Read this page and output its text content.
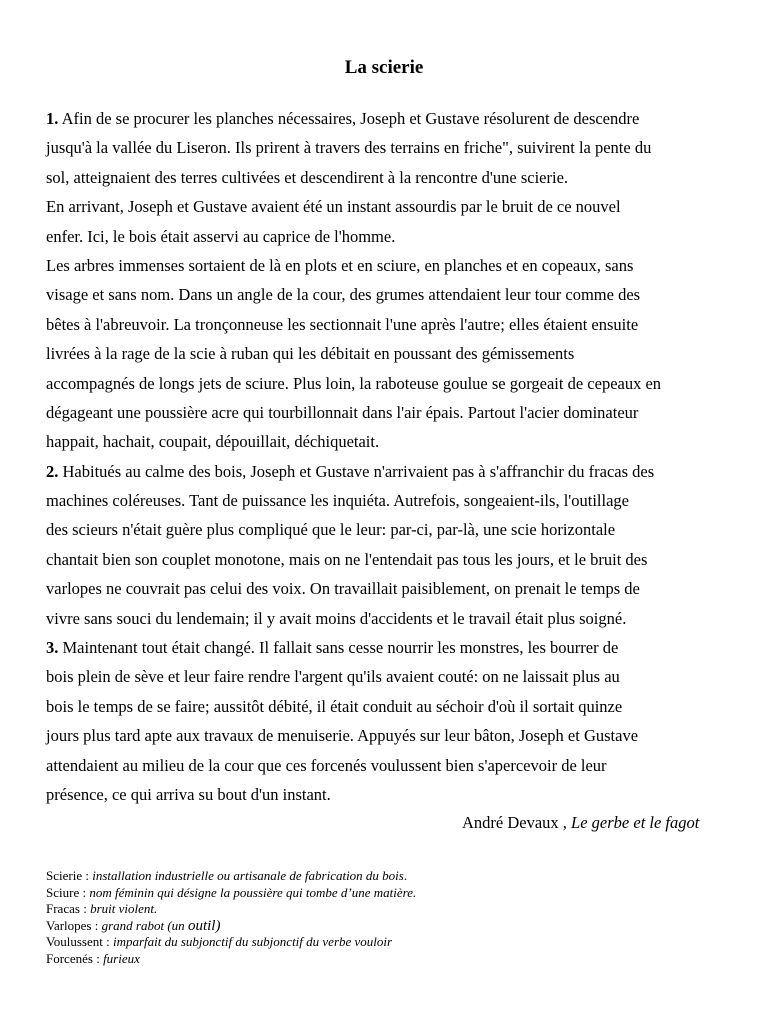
La scierie
1. Afin de se procurer les planches nécessaires, Joseph et Gustave résolurent de descendre
jusqu'à la vallée du Liseron. Ils prirent à travers des terrains en friche", suivirent la pente du
sol, atteignaient des terres cultivées et descendirent à la rencontre d'une scierie.
En arrivant, Joseph et Gustave avaient été un instant assourdis par le bruit de ce nouvel
enfer. Ici, le bois était asservi au caprice de l'homme.
Les arbres immenses sortaient de là en plots et en sciure, en planches et en copeaux, sans
visage et sans nom. Dans un angle de la cour, des grumes attendaient leur tour comme des
bêtes à l'abreuvoir. La tronçonneuse les sectionnait l'une après l'autre; elles étaient ensuite
livrées à la rage de la scie à ruban qui les débitait en poussant des gémissements
accompagnés de longs jets de sciure. Plus loin, la raboteuse goulue se gorgeait de cepeaux en
dégageant une poussière acre qui tourbillonnait dans l'air épais. Partout l'acier dominateur
happait, hachait, coupait, dépouillait, déchiquetait.
2. Habitués au calme des bois, Joseph et Gustave n'arrivaient pas à s'affranchir du fracas des
machines coléreuses. Tant de puissance les inquiéta. Autrefois, songeaient-ils, l'outillage
des scieurs n'était guère plus compliqué que le leur: par-ci, par-là, une scie horizontale
chantait bien son couplet monotone, mais on ne l'entendait pas tous les jours, et le bruit des
varlopes ne couvrait pas celui des voix. On travaillait paisiblement, on prenait le temps de
vivre sans souci du lendemain; il y avait moins d'accidents et le travail était plus soigné.
3. Maintenant tout était changé. Il fallait sans cesse nourrir les monstres, les bourrer de
bois plein de sève et leur faire rendre l'argent qu'ils avaient couté: on ne laissait plus au
bois le temps de se faire; aussitôt débité, il était conduit au séchoir d'où il sortait quinze
jours plus tard apte aux travaux de menuiserie. Appuyés sur leur bâton, Joseph et Gustave
attendaient au milieu de la cour que ces forcenés voulussent bien s'apercevoir de leur
présence, ce qui arriva su bout d'un instant.
André Devaux , Le gerbe et le fagot
Scierie : installation industrielle ou artisanale de fabrication du bois.
Sciure : nom féminin qui désigne la poussière qui tombe d’une matière.
Fracas : bruit violent.
Varlopes : grand rabot (un outil)
Voulussent : imparfait du subjonctif du subjonctif du verbe vouloir
Forcenés : furieux
